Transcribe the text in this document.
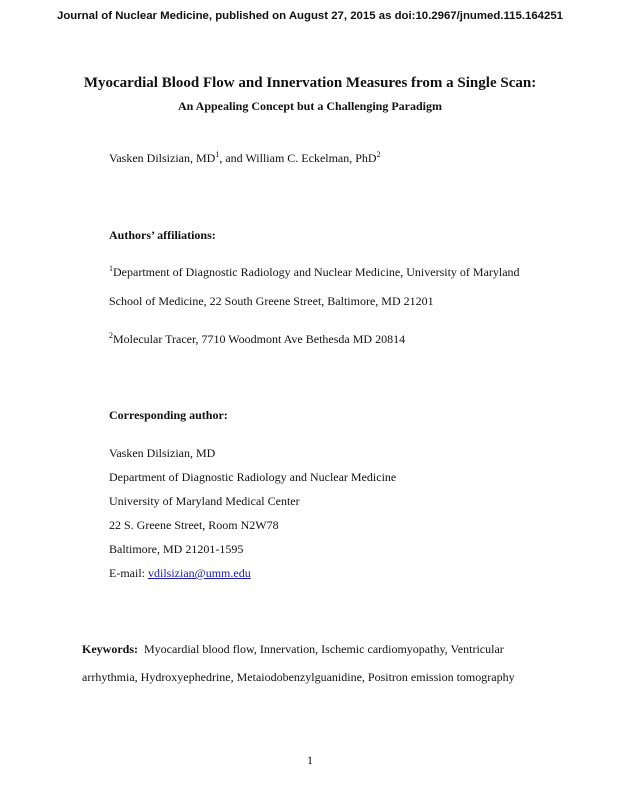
Journal of Nuclear Medicine, published on August 27, 2015 as doi:10.2967/jnumed.115.164251
Myocardial Blood Flow and Innervation Measures from a Single Scan:
An Appealing Concept but a Challenging Paradigm
Vasken Dilsizian, $MD^1$, and William C. Eckelman, PhD$^2$
Authors’ affiliations:
$^1$Department of Diagnostic Radiology and Nuclear Medicine, University of Maryland
School of Medicine, 22 South Greene Street, Baltimore, MD 21201
$^2$Molecular Tracer, 7710 Woodmont Ave Bethesda MD 20814
Corresponding author:
Vasken Dilsizian, MD
Department of Diagnostic Radiology and Nuclear Medicine
University of Maryland Medical Center
22 S. Greene Street, Room N2W78
Baltimore, MD 21201-1595
E-mail: vdilsizian@umm.edu
Keywords: Myocardial blood flow, Innervation, Ischemic cardiomyopathy, Ventricular
arrhythmia, Hydroxyephedrine, Metaiodobenzylguanidine, Positron emission tomography
1
